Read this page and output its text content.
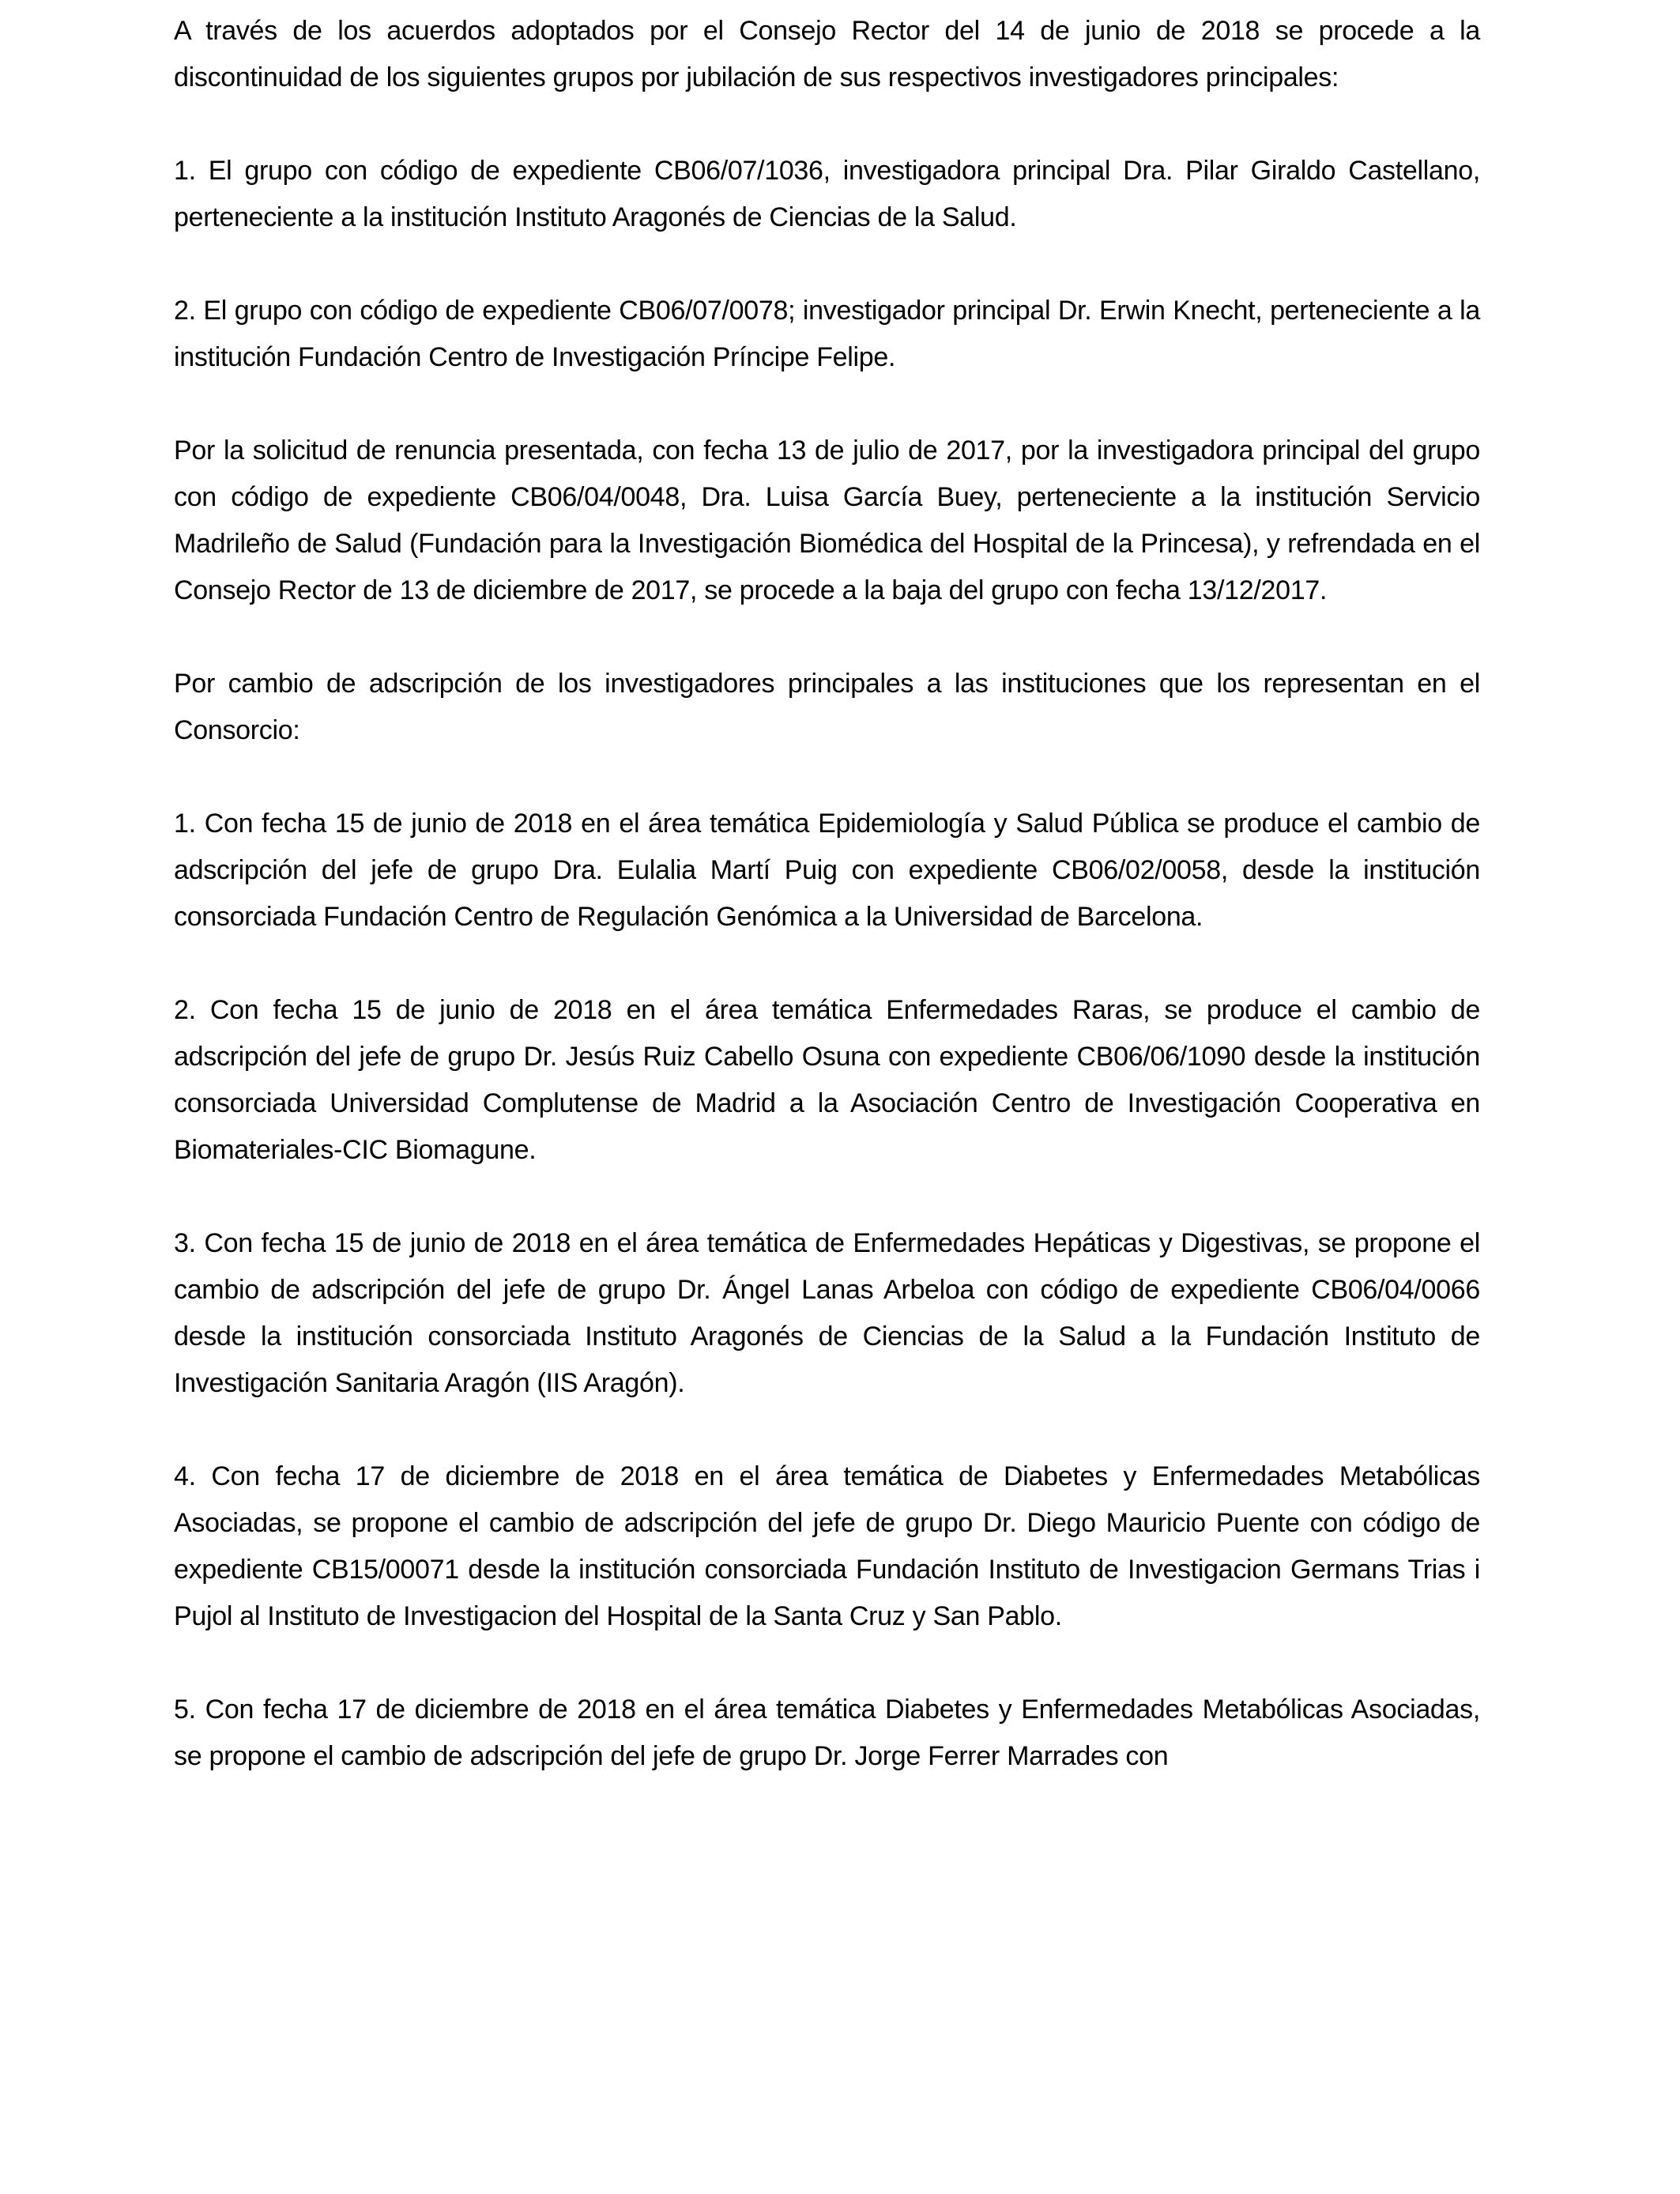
A través de los acuerdos adoptados por el Consejo Rector del 14 de junio de 2018 se procede a la discontinuidad de los siguientes grupos por jubilación de sus respectivos investigadores principales:

1. El grupo con código de expediente CB06/07/1036, investigadora principal Dra. Pilar Giraldo Castellano, perteneciente a la institución Instituto Aragonés de Ciencias de la Salud.

2. El grupo con código de expediente CB06/07/0078; investigador principal Dr. Erwin Knecht, perteneciente a la institución Fundación Centro de Investigación Príncipe Felipe.

Por la solicitud de renuncia presentada, con fecha 13 de julio de 2017, por la investigadora principal del grupo con código de expediente CB06/04/0048, Dra. Luisa García Buey, perteneciente a la institución Servicio Madrileño de Salud (Fundación para la Investigación Biomédica del Hospital de la Princesa), y refrendada en el Consejo Rector de 13 de diciembre de 2017, se procede a la baja del grupo con fecha 13/12/2017.

Por cambio de adscripción de los investigadores principales a las instituciones que los representan en el Consorcio:

1. Con fecha 15 de junio de 2018 en el área temática Epidemiología y Salud Pública se produce el cambio de adscripción del jefe de grupo Dra. Eulalia Martí Puig con expediente CB06/02/0058, desde la institución consorciada Fundación Centro de Regulación Genómica a la Universidad de Barcelona.

2. Con fecha 15 de junio de 2018 en el área temática Enfermedades Raras, se produce el cambio de adscripción del jefe de grupo Dr. Jesús Ruiz Cabello Osuna con expediente CB06/06/1090 desde la institución consorciada Universidad Complutense de Madrid a la Asociación Centro de Investigación Cooperativa en Biomateriales-CIC Biomagune.

3. Con fecha 15 de junio de 2018 en el área temática de Enfermedades Hepáticas y Digestivas, se propone el cambio de adscripción del jefe de grupo Dr. Ángel Lanas Arbeloa con código de expediente CB06/04/0066 desde la institución consorciada Instituto Aragonés de Ciencias de la Salud a la Fundación Instituto de Investigación Sanitaria Aragón (IIS Aragón).

4. Con fecha 17 de diciembre de 2018 en el área temática de Diabetes y Enfermedades Metabólicas Asociadas, se propone el cambio de adscripción del jefe de grupo Dr. Diego Mauricio Puente con código de expediente CB15/00071 desde la institución consorciada Fundación Instituto de Investigacion Germans Trias i Pujol al Instituto de Investigacion del Hospital de la Santa Cruz y San Pablo.

5. Con fecha 17 de diciembre de 2018 en el área temática Diabetes y Enfermedades Metabólicas Asociadas, se propone el cambio de adscripción del jefe de grupo Dr. Jorge Ferrer Marrades con
